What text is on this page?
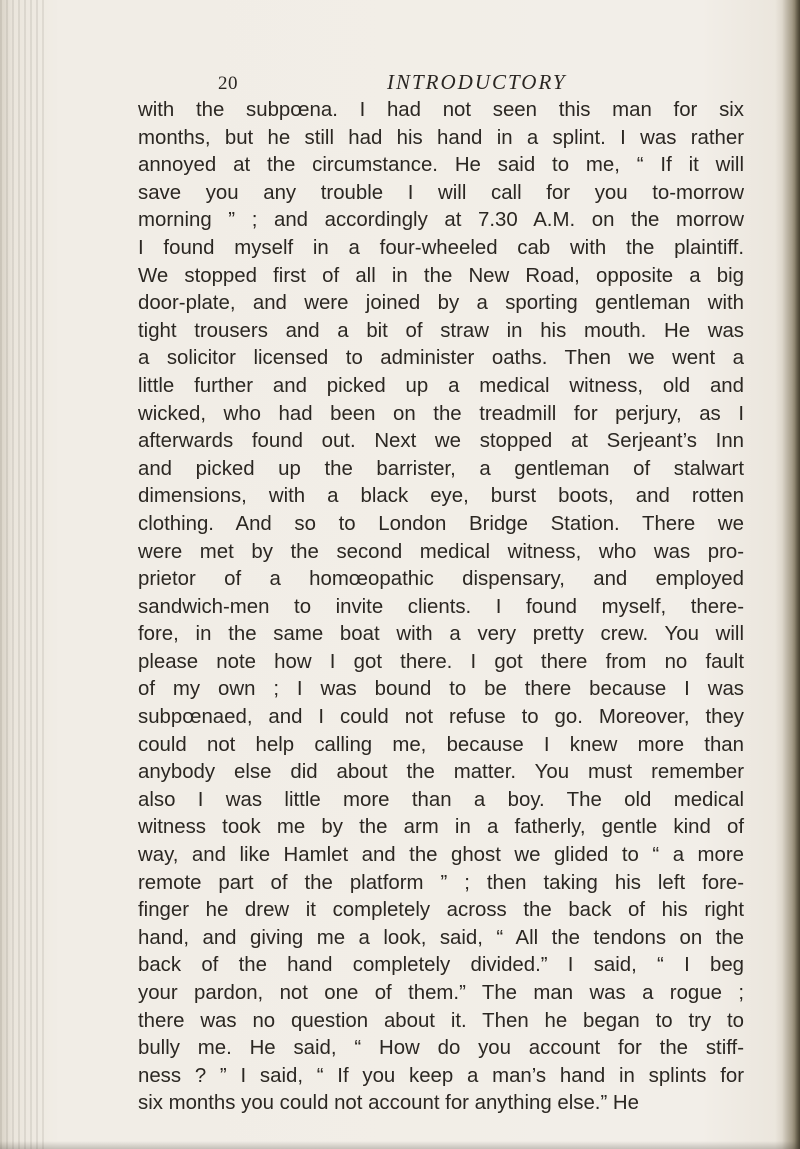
20	INTRODUCTORY
with the subpœna. I had not seen this man for six
months, but he still had his hand in a splint. I was rather
annoyed at the circumstance. He said to me, “ If it will
save you any trouble I will call for you to-morrow
morning ” ; and accordingly at 7.30 A.M. on the morrow
I found myself in a four-wheeled cab with the plaintiff.
We stopped first of all in the New Road, opposite a big
door-plate, and were joined by a sporting gentleman with
tight trousers and a bit of straw in his mouth. He was
a solicitor licensed to administer oaths. Then we went a
little further and picked up a medical witness, old and
wicked, who had been on the treadmill for perjury, as I
afterwards found out. Next we stopped at Serjeant’s Inn
and picked up the barrister, a gentleman of stalwart
dimensions, with a black eye, burst boots, and rotten
clothing. And so to London Bridge Station. There we
were met by the second medical witness, who was pro-
prietor of a homœopathic dispensary, and employed
sandwich-men to invite clients. I found myself, there-
fore, in the same boat with a very pretty crew. You will
please note how I got there. I got there from no fault
of my own ; I was bound to be there because I was
subpœnaed, and I could not refuse to go. Moreover, they
could not help calling me, because I knew more than
anybody else did about the matter. You must remember
also I was little more than a boy. The old medical
witness took me by the arm in a fatherly, gentle kind of
way, and like Hamlet and the ghost we glided to “ a more
remote part of the platform ” ; then taking his left fore-
finger he drew it completely across the back of his right
hand, and giving me a look, said, “ All the tendons on the
back of the hand completely divided.” I said, “ I beg
your pardon, not one of them.” The man was a rogue ;
there was no question about it. Then he began to try to
bully me. He said, “ How do you account for the stiff-
ness ? ” I said, “ If you keep a man’s hand in splints for
six months you could not account for anything else.” He
